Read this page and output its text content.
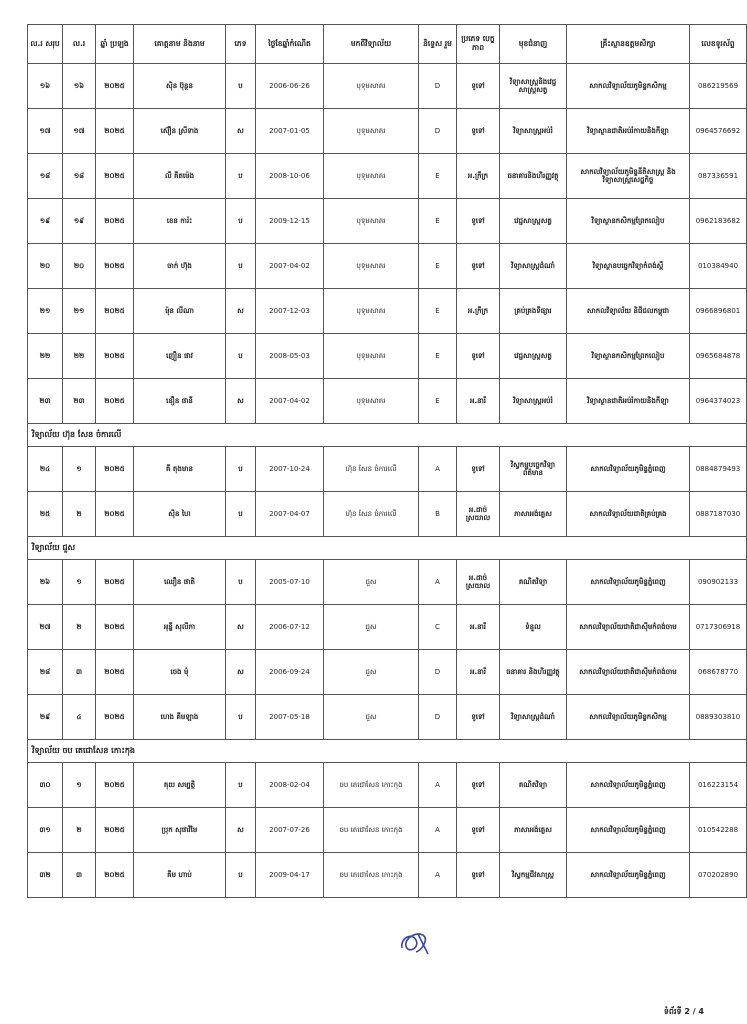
ល.រ សរុប	ល.រ	ឆ្នាំ ប្រឡង	គោត្តនាម និងនាម	ភេទ	ថ្ងៃខែឆ្នាំកំណើត	មកពីវិទ្យាល័យ	និទ្ទេស រួម	ប្រភេទ បេក្ខភាព	មុខជំនាញ	គ្រឹះស្ថានឧត្តមសិក្សា	លេខទូរស័ព្ទ
១៦	១៦	២០២៥	ស៊ិន ប៊ុន្ថន	ប	2006-06-26	បុទុមសាគរ	D	ទូទៅ	វិទ្យាសាស្ត្រនិងវេជ្ជសាស្ត្រសត្វ	សាកលវិទ្យាល័យភូមិន្ទកសិកម្ម	086219569
១៧	១៧	២០២៥	ស៊ឿន ស្រីទាង	ស	2007-01-05	បុទុមសាគរ	D	ទូទៅ	វិទ្យាសាស្ត្រអប់រំ	វិទ្យាស្ថានជាតិអប់រំកាយនិងកីឡា	0964576692
១៨	១៨	២០២៥	លី គីតម៉េង	ប	2008-10-06	បុទុមសាគរ	E	អ.ក្រីក្រ	ធនាគារនិងហិរញ្ញវត្ថុ	សាកលវិទ្យាល័យភូមិន្ទនីតិសាស្ត្រ និងវិទ្យាសាស្ត្រសេដ្ឋកិច្ច	087336591
១៩	១៩	២០២៥	ខេន ការ៉ះ	ប	2009-12-15	បុទុមសាគរ	E	ទូទៅ	វេជ្ជសាស្ត្រសត្វ	វិទ្យាស្ថានកសិកម្មព្រែកលៀប	0962183682
២០	២០	២០២៥	ចាក់ ហ៊ុង	ប	2007-04-02	បុទុមសាគរ	E	ទូទៅ	វិទ្យាសាស្ត្រដំណាំ	វិទ្យាស្ថានបច្ចេកវិទ្យាកំពង់ស្ពឺ	010384940
២១	២១	២០២៥	ម៉ុន លីណា	ស	2007-12-03	បុទុមសាគរ	E	អ.ក្រីក្រ	គ្រប់គ្រងទីផ្សារ	សាកលវិទ្យាល័យ និជីជលកម្ពុជា	0966896801
២២	២២	២០២៥	ញឿន ផាវ	ប	2008-05-03	បុទុមសាគរ	E	ទូទៅ	វេជ្ជសាស្ត្រសត្វ	វិទ្យាស្ថានកសិកម្មព្រែកលៀប	0965684878
២៣	២៣	២០២៥	នឿន ផានី	ស	2007-04-02	បុទុមសាគរ	E	អ.នារី	វិទ្យាសាស្ត្រអប់រំ	វិទ្យាស្ថានជាតិអប់រំកាយនិងកីឡា	0964374023
វិទ្យាល័យ ហ៊ុន សែន ចំការលើ											
២៤	១	២០២៥	គី តុងមាន	ប	2007-10-24	ហ៊ុន សែន ចំការលើ	A	ទូទៅ	វិស្វកម្មបច្ចេកវិទ្យាព័ត៌មាន	សាកលវិទ្យាល័យភូមិន្ទភ្នំពេញ	0884879493
២៥	២	២០២៥	ស៊ិន ហៃ	ប	2007-04-07	ហ៊ុន សែន ចំការលើ	B	អ.ដាច់ស្រយាល	ភាសាអង់គ្លេស	សាកលវិទ្យាល័យជាតិគ្រប់គ្រង	0887187030
វិទ្យាល័យ ជួស											
២៦	១	២០២៥	ឈឿន ផាតិ	ប	2005-07-10	ជួស	A	អ.ដាច់ស្រយាល	គណិតវិទ្យា	សាកលវិទ្យាល័យភូមិន្ទភ្នំពេញ	090902133
២៧	២	២០២៥	អុន្នី សុលីកា	ស	2006-07-12	ជួស	C	អ.នារី	ទំនួល	សាកលវិទ្យាល័យជាតិជាស៊ីមកំពង់ចាម	0717306918
២៨	៣	២០២៥	ចេង មុំ	ស	2006-09-24	ជួស	D	អ.នារី	ធនាគារ និងហិរញ្ញវត្ថុ	សាកលវិទ្យាល័យជាតិជាស៊ីមកំពង់ចាម	068678770
២៩	៤	២០២៥	ហេង គីមឡាង	ប	2007-05-18	ជួស	D	ទូទៅ	វិទ្យាសាស្ត្រដំណាំ	សាកលវិទ្យាល័យភូមិន្ទកសិកម្ម	0889303810
វិទ្យាល័យ ចប តេជោសែន កោះកុង											
៣០	១	២០២៥	គុយ សម្បត្តិ	ប	2008-02-04	ចប តេជោសែន កោះកុង	A	ទូទៅ	គណិតវិទ្យា	សាកលវិទ្យាល័យភូមិន្ទភ្នំពេញ	016223154
៣១	២	២០២៥	ប្រុក សុផាវិមៃ	ស	2007-07-26	ចប តេជោសែន កោះកុង	A	ទូទៅ	ភាសាអង់គ្លេស	សាកលវិទ្យាល័យភូមិន្ទភ្នំពេញ	010542288
៣២	៣	២០២៥	គីម ហាប់	ប	2009-04-17	ចប តេជោសែន កោះកុង	A	ទូទៅ	វិស្វកម្មជីវសាស្ត្រ	សាកលវិទ្យាល័យភូមិន្ទភ្នំពេញ	070202890
ទំព័រទី 2 / 4
